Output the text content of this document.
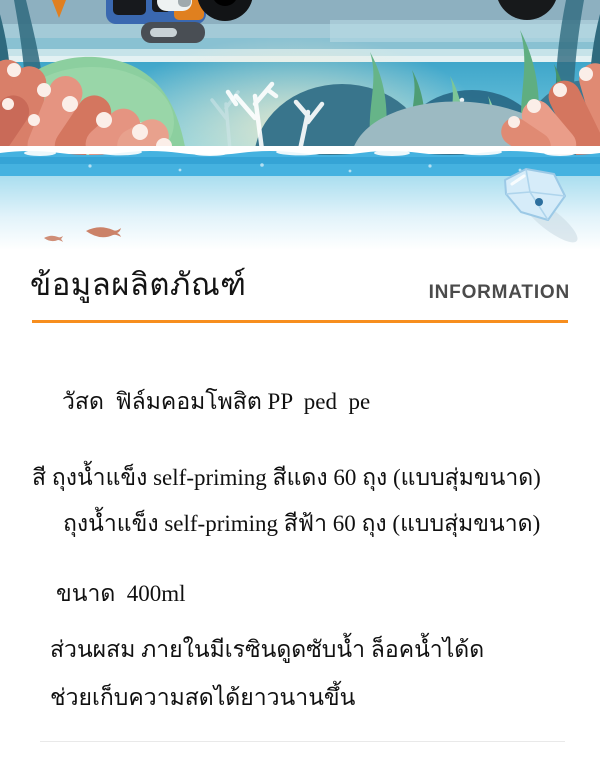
ข้อมูลผลิตภัณฑ์	INFORMATION

วัสด  ฟิล์มคอมโพสิต PP  ped  pe

สี ถุงน้ำแข็ง self-priming สีแดง 60 ถุง (แบบสุ่มขนาด)

ถุงน้ำแข็ง self-priming สีฟ้า 60 ถุง (แบบสุ่มขนาด)

ขนาด  400ml

ส่วนผสม ภายในมีเรซินดูดซับน้ำ ล็อคน้ำได้ด

ช่วยเก็บความสดได้ยาวนานขึ้น
